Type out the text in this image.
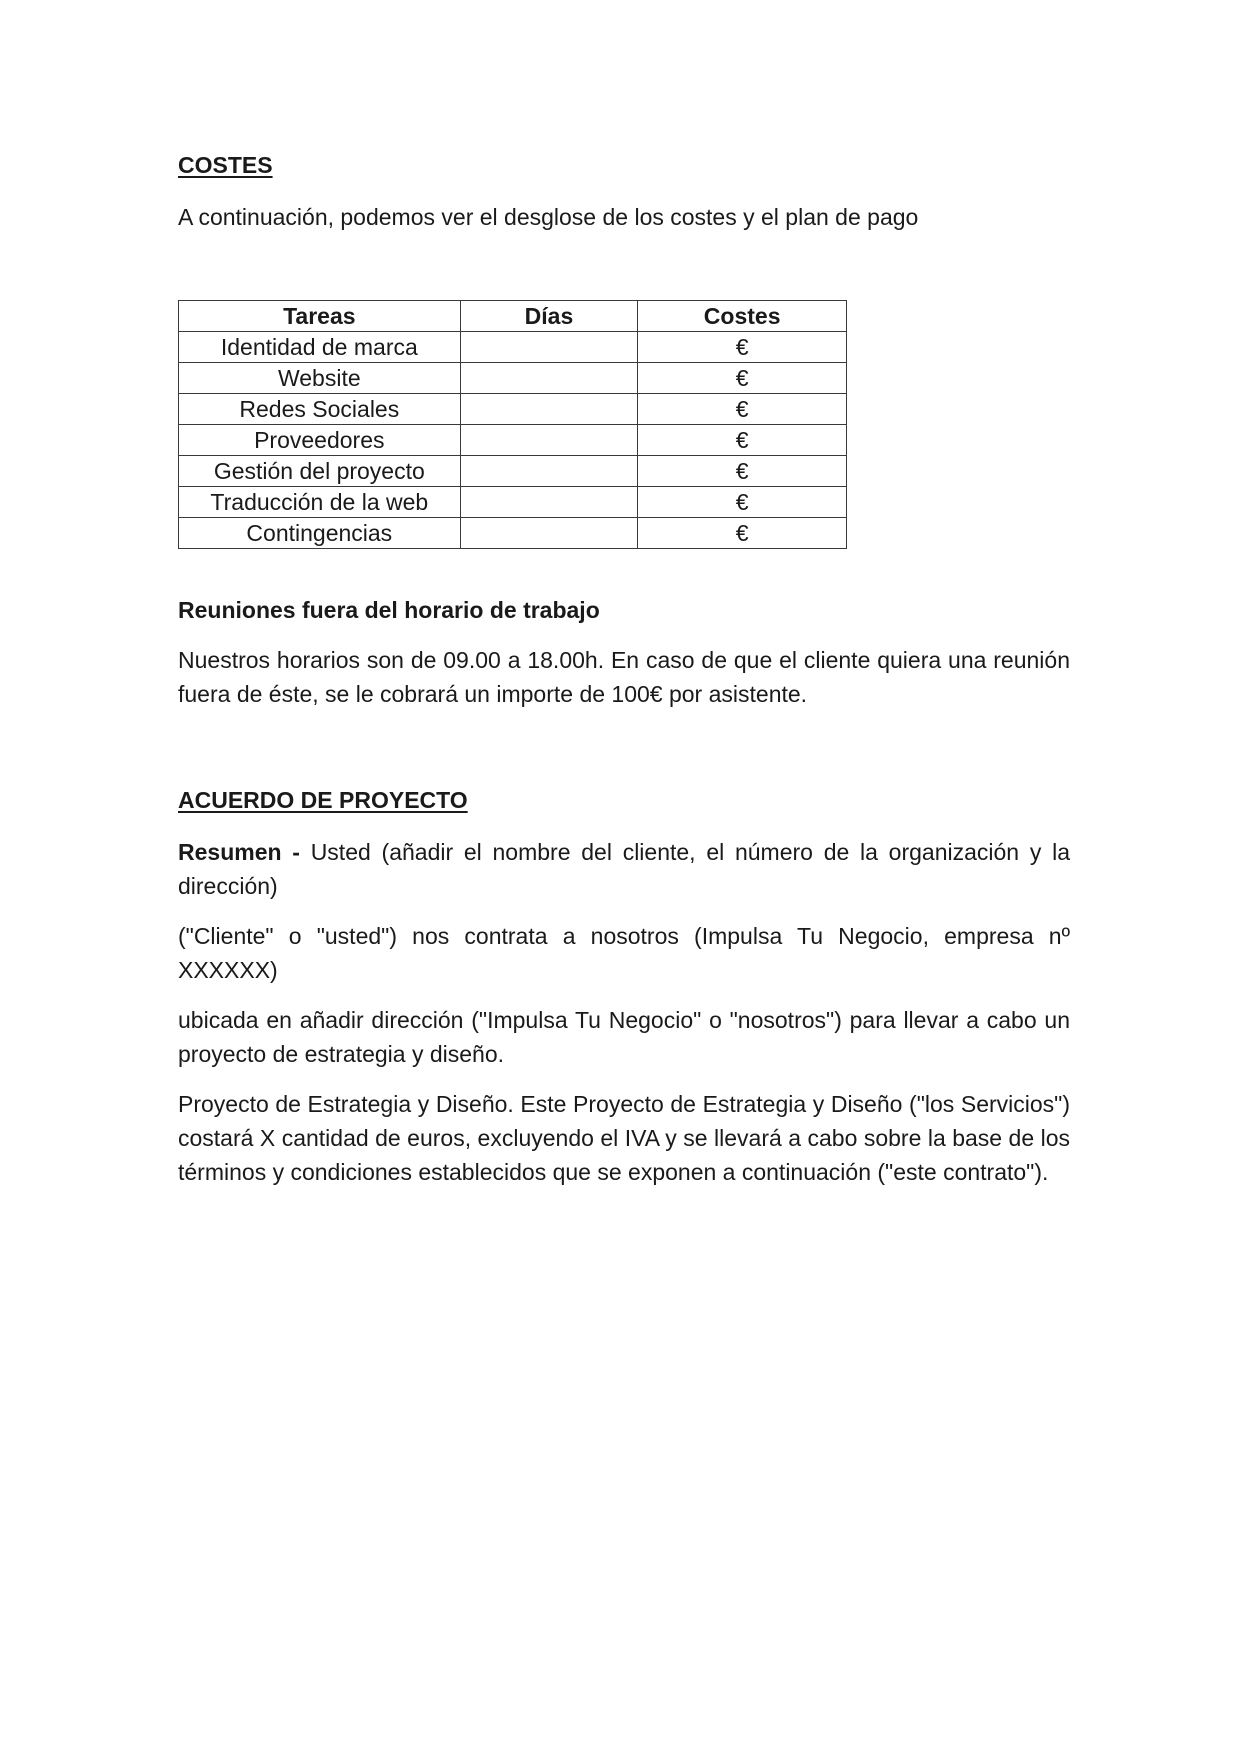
COSTES

A continuación, podemos ver el desglose de los costes y el plan de pago

Tareas	Días	Costes
Identidad de marca		€
Website		€
Redes Sociales		€
Proveedores		€
Gestión del proyecto		€
Traducción de la web		€
Contingencias		€
Reuniones fuera del horario de trabajo

Nuestros horarios son de 09.00 a 18.00h. En caso de que el cliente quiera una reunión fuera de éste, se le cobrará un importe de 100€ por asistente.

ACUERDO DE PROYECTO

Resumen - Usted (añadir el nombre del cliente, el número de la organización y la dirección)

("Cliente" o "usted") nos contrata a nosotros (Impulsa Tu Negocio, empresa nº XXXXXX)

ubicada en añadir dirección ("Impulsa Tu Negocio" o "nosotros") para llevar a cabo un proyecto de estrategia y diseño.

Proyecto de Estrategia y Diseño. Este Proyecto de Estrategia y Diseño ("los Servicios") costará X cantidad de euros, excluyendo el IVA y se llevará a cabo sobre la base de los términos y condiciones establecidos que se exponen a continuación ("este contrato").
